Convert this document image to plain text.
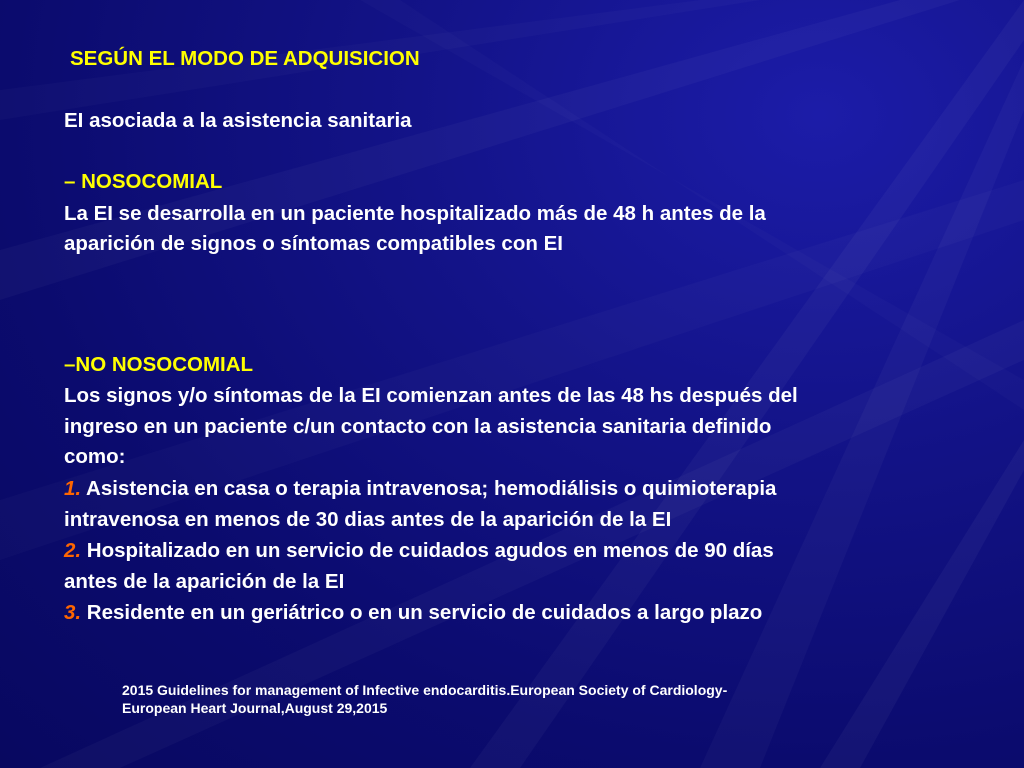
SEGÚN EL MODO DE ADQUISICION
EI asociada a la asistencia sanitaria
– NOSOCOMIAL
La EI se desarrolla en un paciente hospitalizado más de 48 h antes de la
aparición de signos o síntomas compatibles con EI
–NO NOSOCOMIAL
Los signos y/o síntomas de la EI comienzan antes de las 48 hs después del
ingreso en un paciente c/un contacto con la asistencia sanitaria definido
como:
1. Asistencia en casa o terapia intravenosa; hemodiálisis o quimioterapia
intravenosa en menos de 30 dias antes de la aparición de la EI
2. Hospitalizado en un servicio de cuidados agudos en menos de 90 días
antes de la aparición de la EI
3. Residente en un geriátrico o en un servicio de cuidados a largo plazo
2015 Guidelines for management of Infective endocarditis.European Society of Cardiology-
European Heart Journal,August 29,2015
